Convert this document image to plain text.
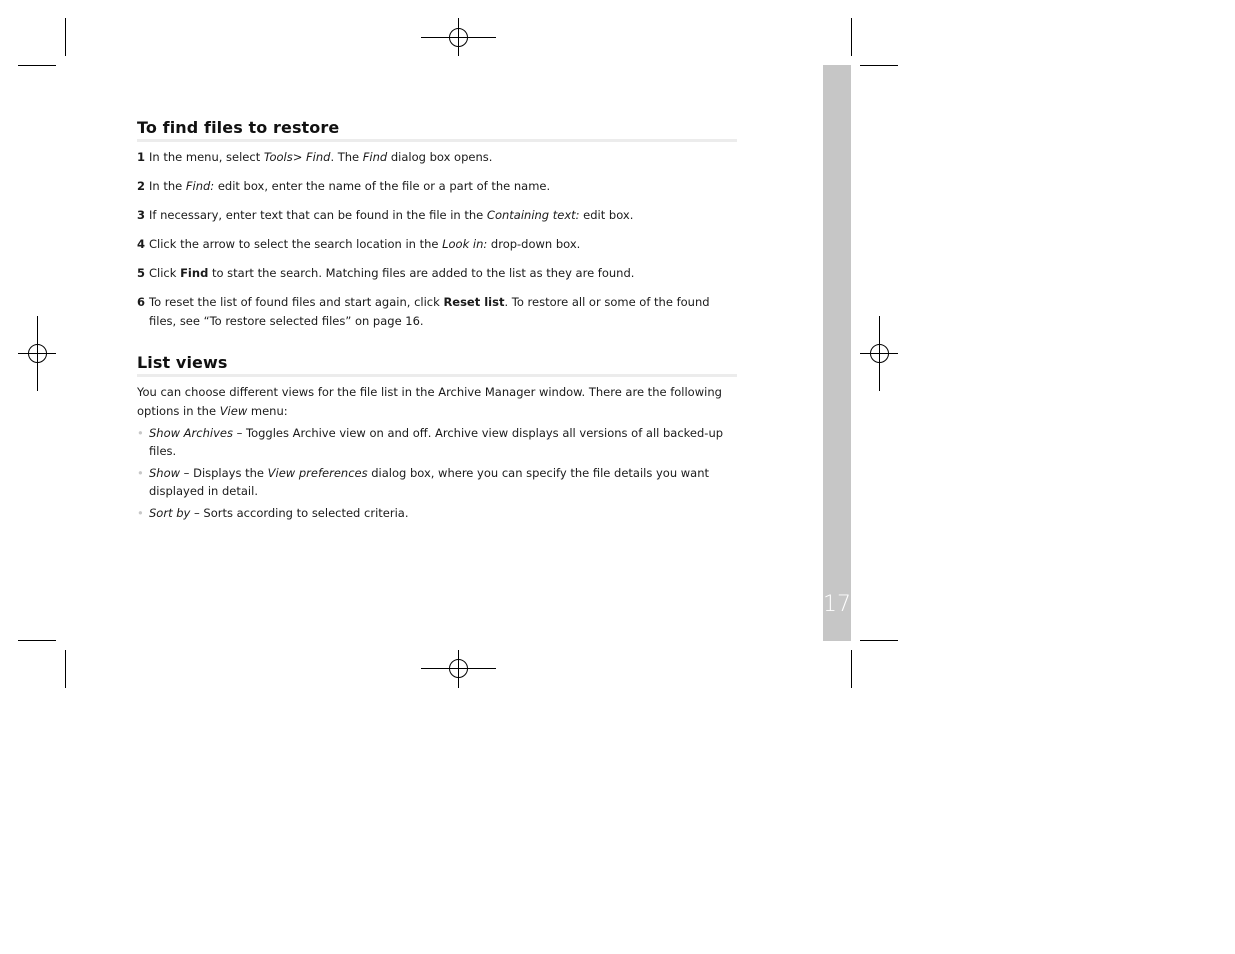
17
To find files to restore
1 In the menu, select Tools> Find. The Find dialog box opens.
2 In the Find: edit box, enter the name of the file or a part of the name.
3 If necessary, enter text that can be found in the file in the Containing text: edit box.
4 Click the arrow to select the search location in the Look in: drop-down box.
5 Click Find to start the search. Matching files are added to the list as they are found.
6 To reset the list of found files and start again, click Reset list. To restore all or some of the found files, see “To restore selected files” on page 16.
List views

You can choose different views for the file list in the Archive Manager window. There are the following options in the View menu:

• Show Archives – Toggles Archive view on and off. Archive view displays all versions of all backed-up files.
• Show – Displays the View preferences dialog box, where you can specify the file details you want displayed in detail.
• Sort by – Sorts according to selected criteria.
